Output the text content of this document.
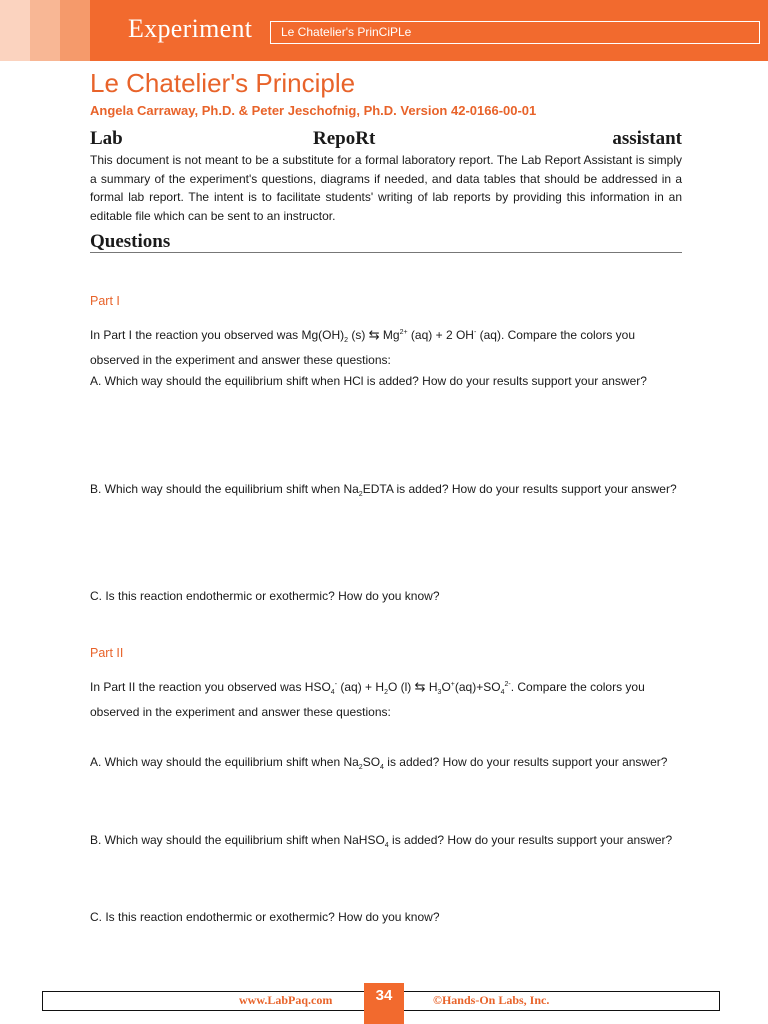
Experiment	Le Chatelier's PrinCiPLe
Le Chatelier's Principle
Angela Carraway, Ph.D. & Peter Jeschofnig, Ph.D. Version 42-0166-00-01
Lab	RepoRt	assistant
This document is not meant to be a substitute for a formal laboratory report. The Lab Report Assistant is simply a summary of the experiment's questions, diagrams if needed, and data tables that should be addressed in a formal lab report. The intent is to facilitate students' writing of lab reports by providing this information in an editable file which can be sent to an instructor.
Questions
Part I
In Part I the reaction you observed was $Mg(OH)_2$ (s) ⇆ $Mg^{2+}$ (aq) + 2 OH- (aq). Compare the colors you observed in the experiment and answer these questions:
A. Which way should the equilibrium shift when HCl is added? How do your results support your answer?
B. Which way should the equilibrium shift when $Na_2EDTA$ is added? How do your results support your answer?
C. Is this reaction endothermic or exothermic? How do you know?
Part II
In Part II the reaction you observed was $HSO_4^-$ $(aq) + H_2O$ (l) ⇆ $H_3O^+(aq)+SO_4^{2-}$. Compare the colors you observed in the experiment and answer these questions:
A. Which way should the equilibrium shift when $Na_2SO_4$ is added? How do your results support your answer?
B. Which way should the equilibrium shift when NaHSO$_4$ is added? How do your results support your answer?
C. Is this reaction endothermic or exothermic? How do you know?
www.LabPaq.com	©Hands-On Labs, Inc.
34
